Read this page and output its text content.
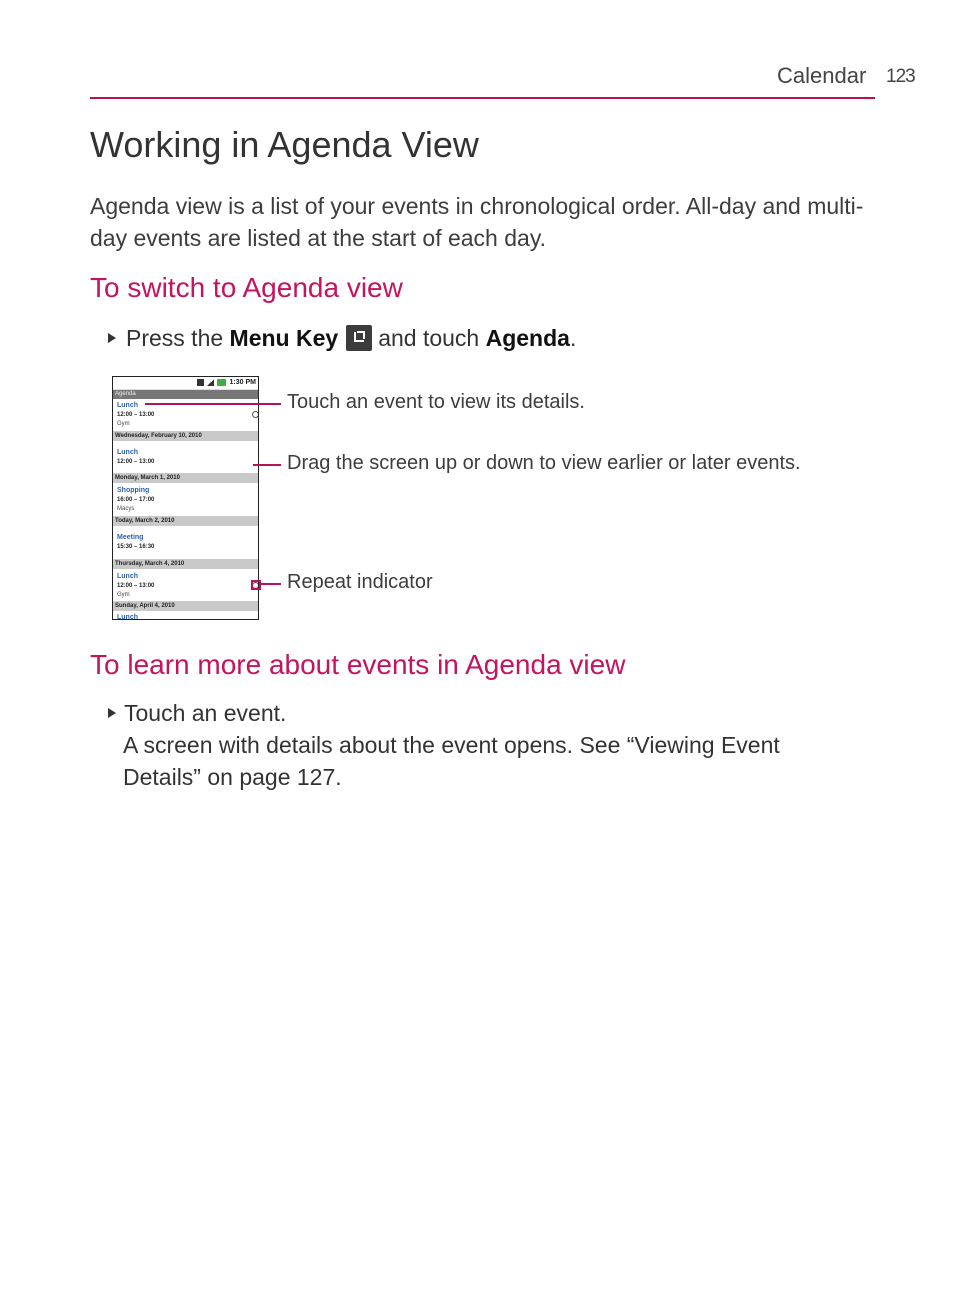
Calendar 123
Working in Agenda View

Agenda view is a list of your events in chronological order. All-day and multi-day events are listed at the start of each day.

To switch to Agenda view

Press the Menu Key and touch Agenda.

1:30 PM
Agenda
Lunch
12:00 – 13:00
Gym
Wednesday, February 10, 2010
Lunch
12:00 – 13:00
Monday, March 1, 2010
Shopping
16:00 – 17:00
Macys
Today, March 2, 2010
Meeting
15:30 – 16:30
Thursday, March 4, 2010
Lunch
12:00 – 13:00
Gym
Sunday, April 4, 2010
Lunch
Touch an event to view its details.
Drag the screen up or down to view earlier or later events.
Repeat indicator
To learn more about events in Agenda view

Touch an event.

A screen with details about the event opens. See “Viewing Event

Details” on page 127.
